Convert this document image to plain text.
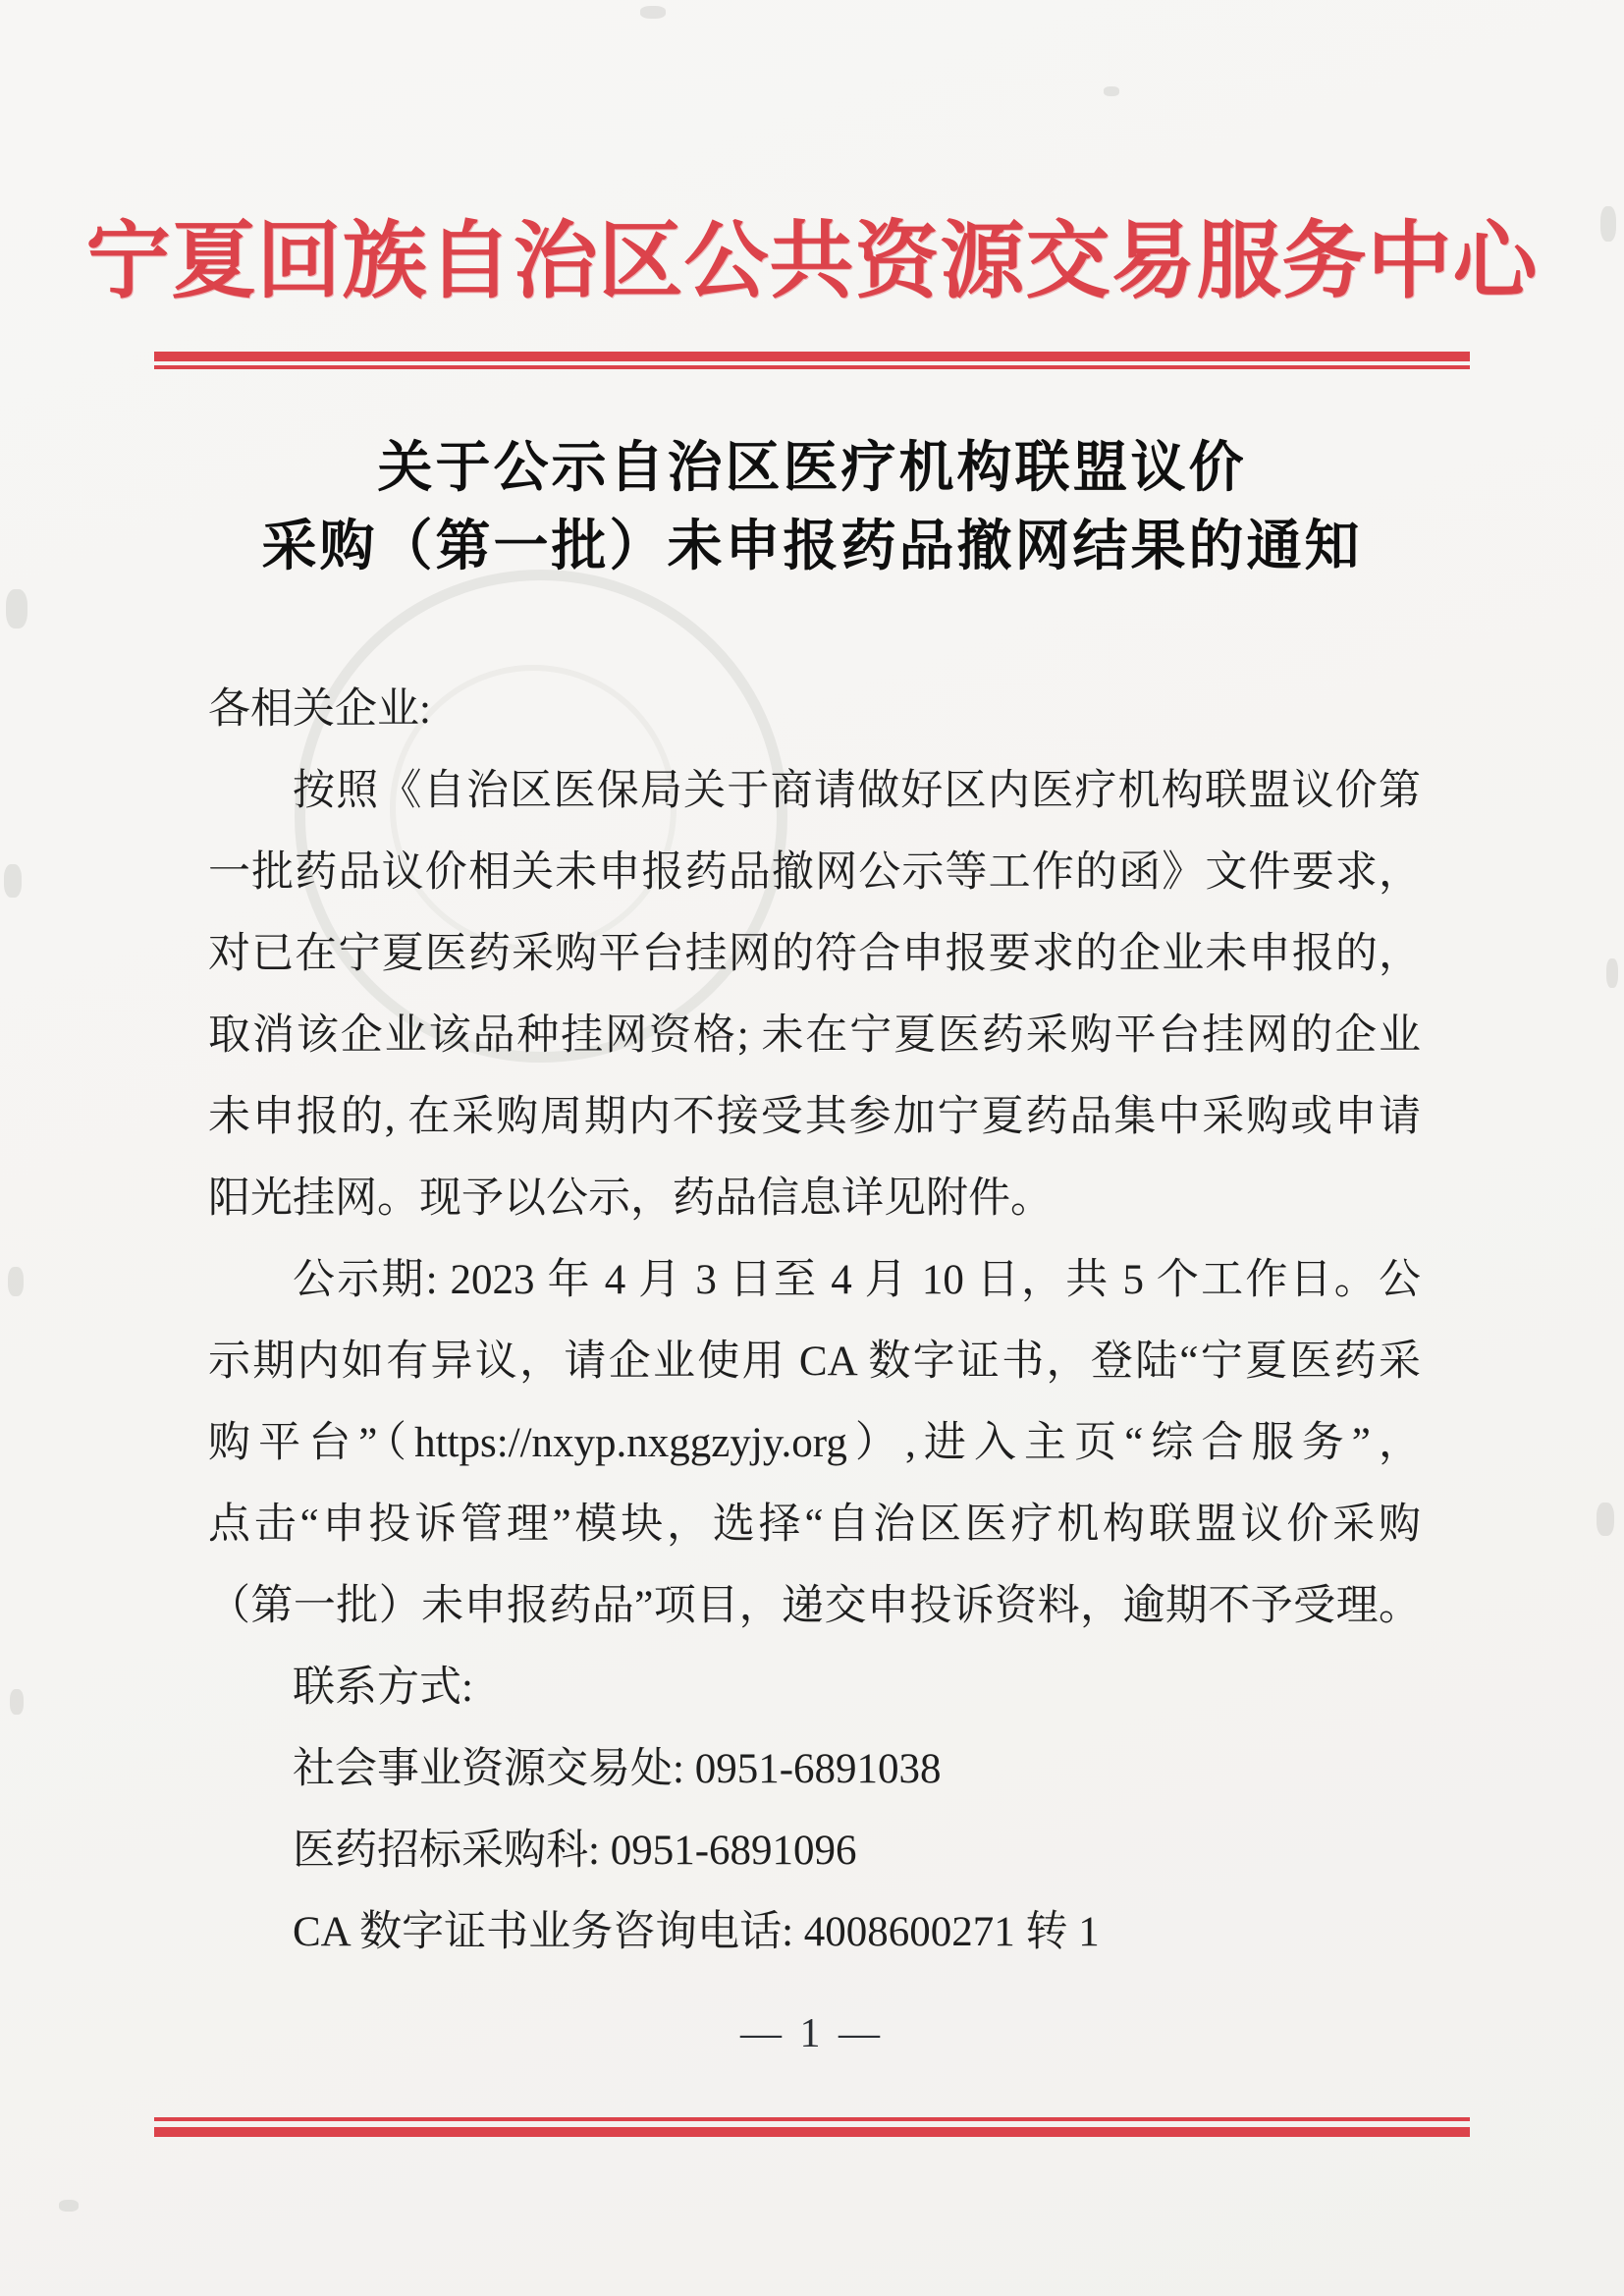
宁夏回族自治区公共资源交易服务中心
关于公示自治区医疗机构联盟议价
采购（第一批）未申报药品撤网结果的通知
各相关企业:
按照《自治区医保局关于商请做好区内医疗机构联盟议价第
一批药品议价相关未申报药品撤网公示等工作的函》文件要求，
对已在宁夏医药采购平台挂网的符合申报要求的企业未申报的，
取消该企业该品种挂网资格; 未在宁夏医药采购平台挂网的企业
未申报的, 在采购周期内不接受其参加宁夏药品集中采购或申请
阳光挂网。现予以公示，药品信息详见附件。
公示期: 2023 年 4 月 3 日至 4 月 10 日，共 5 个工作日。公
示期内如有异议，请企业使用 CA 数字证书，登陆“宁夏医药采
购平台”（https://nxyp.nxggzyjy.org）,进入主页“综合服务”，
点击“申投诉管理”模块，选择“自治区医疗机构联盟议价采购
（第一批）未申报药品”项目，递交申投诉资料，逾期不予受理。
联系方式:
社会事业资源交易处: 0951-6891038
医药招标采购科: 0951-6891096
CA 数字证书业务咨询电话: 4008600271 转 1
— 1 —
